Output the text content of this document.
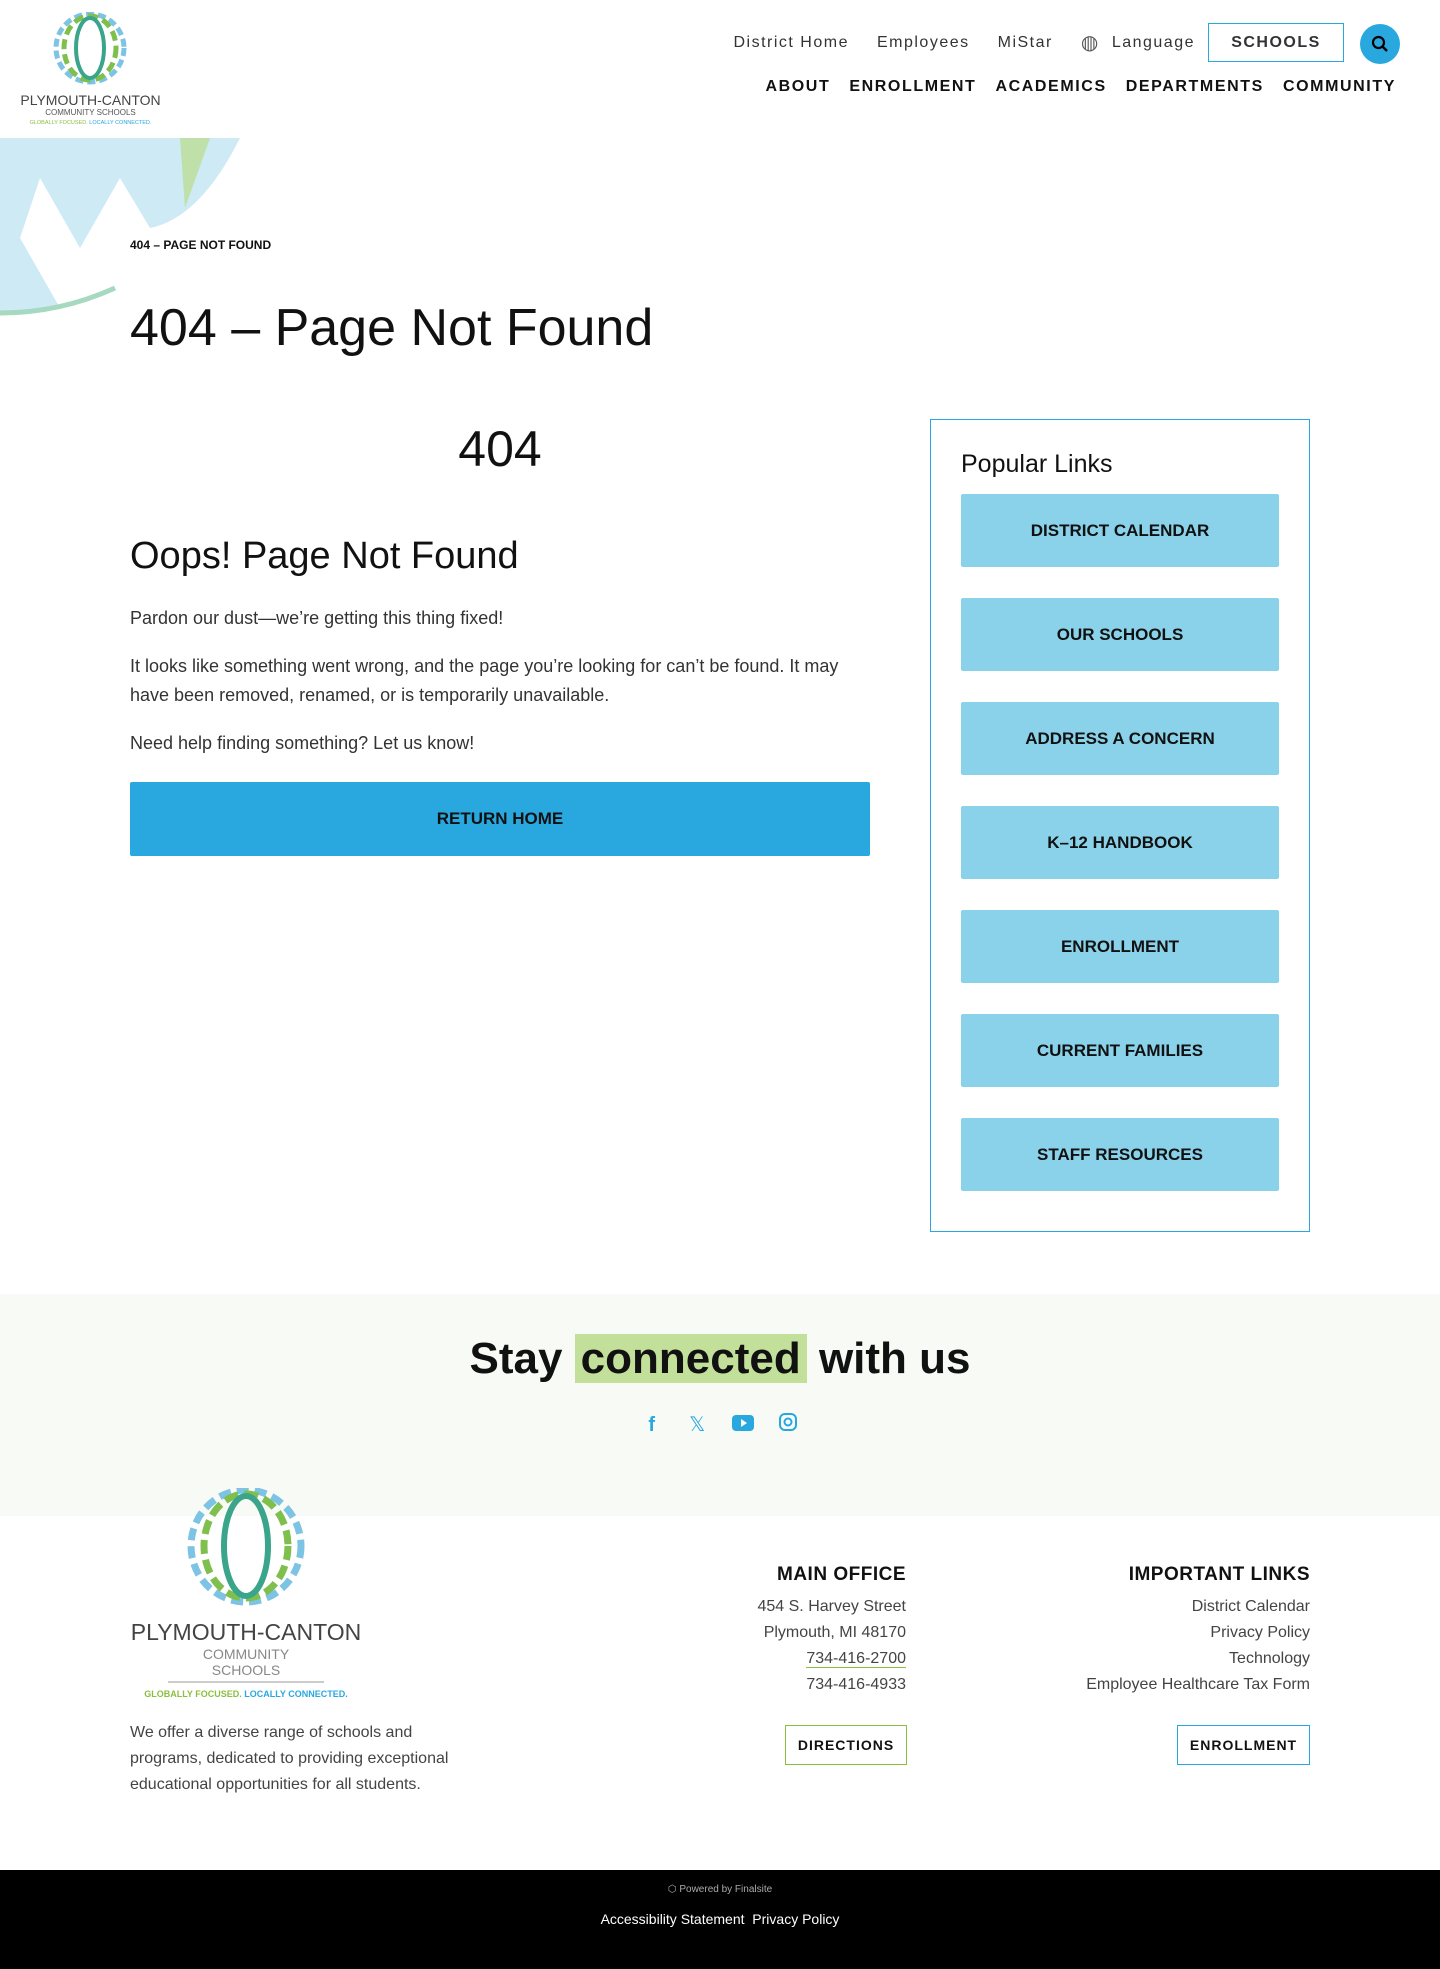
PLYMOUTH-CANTON
COMMUNITY SCHOOLS
GLOBALLY FOCUSED. LOCALLY CONNECTED.
District Home Employees MiStar ◍ Language	SCHOOLS
ABOUT ENROLLMENT ACADEMICS DEPARTMENTS COMMUNITY
404 – PAGE NOT FOUND
404 – Page Not Found
404
Oops! Page Not Found

Pardon our dust—we’re getting this thing fixed!

It looks like something went wrong, and the page you’re looking for can’t be found. It may have been removed, renamed, or is temporarily unavailable.

Need help finding something? Let us know!

RETURN HOME
Popular Links
DISTRICT CALENDAR
OUR SCHOOLS
ADDRESS A CONCERN
K–12 HANDBOOK
ENROLLMENT
CURRENT FAMILIES
STAFF RESOURCES
Stay connected with us
f 𝕏

PLYMOUTH-CANTON
COMMUNITY SCHOOLS
GLOBALLY FOCUSED. LOCALLY CONNECTED.

We offer a diverse range of schools and programs, dedicated to providing exceptional educational opportunities for all students.

MAIN OFFICE
454 S. Harvey Street
Plymouth, MI 48170
734-416-2700
734-416-4933
DIRECTIONS
IMPORTANT LINKS
District Calendar
Privacy Policy
Technology
Employee Healthcare Tax Form
ENROLLMENT
⬡ Powered by Finalsite
Accessibility Statement Privacy Policy
